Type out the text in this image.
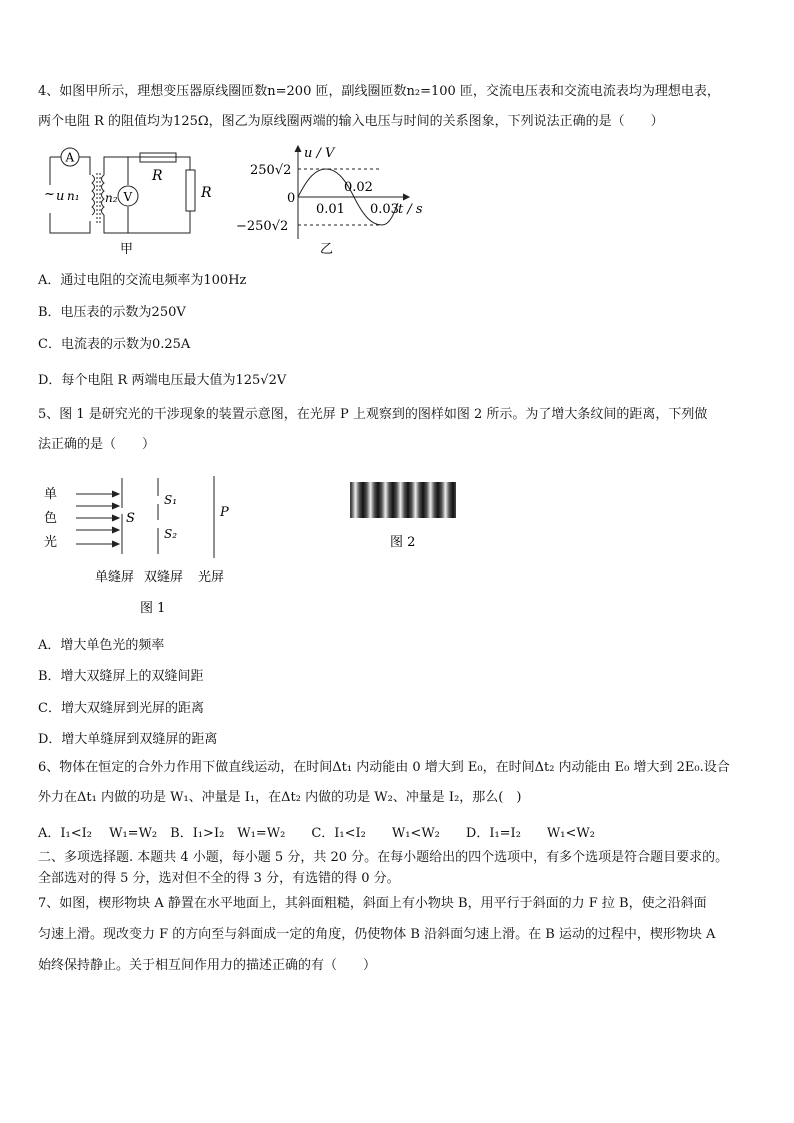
4、如图甲所示，理想变压器原线圈匝数n=200 匝，副线圈匝数n₂=100 匝，交流电压表和交流电流表均为理想电表，
两个电阻 R 的阻值均为125Ω，图乙为原线圈两端的输入电压与时间的关系图象，下列说法正确的是（　　）
A
V
~ u n₁ n₂
R
R
甲
u / V
t / s
250√2
−250√2
0
0.01
0.02
0.03
乙
A．通过电阻的交流电频率为100Hz
B．电压表的示数为250V
C．电流表的示数为0.25A
D．每个电阻 R 两端电压最大值为125√2V
5、图 1 是研究光的干涉现象的装置示意图，在光屏 P 上观察到的图样如图 2 所示。为了增大条纹间的距离，下列做
法正确的是（　　）
单
色
光
S
S₁
S₂
P
单缝屏 双缝屏 光屏
图 1
图 2
A．增大单色光的频率
B．增大双缝屏上的双缝间距
C．增大双缝屏到光屏的距离
D．增大单缝屏到双缝屏的距离
6、物体在恒定的合外力作用下做直线运动，在时间Δt₁ 内动能由 0 增大到 E₀，在时间Δt₂ 内动能由 E₀ 增大到 2E₀.设合
外力在Δt₁ 内做的功是 W₁、冲量是 I₁，在Δt₂ 内做的功是 W₂、冲量是 I₂，那么(　)
A．I₁<I₂　 W₁=W₂　B．I₁>I₂　W₁=W₂　　C．I₁<I₂　　W₁<W₂　　D．I₁=I₂　　W₁<W₂
二、多项选择题. 本题共 4 小题，每小题 5 分，共 20 分。在每小题给出的四个选项中，有多个选项是符合题目要求的。
全部选对的得 5 分，选对但不全的得 3 分，有选错的得 0 分。
7、如图，楔形物块 A 静置在水平地面上，其斜面粗糙，斜面上有小物块 B，用平行于斜面的力 F 拉 B，使之沿斜面
匀速上滑。现改变力 F 的方向至与斜面成一定的角度，仍使物体 B 沿斜面匀速上滑。在 B 运动的过程中，楔形物块 A
始终保持静止。关于相互间作用力的描述正确的有（　　）
